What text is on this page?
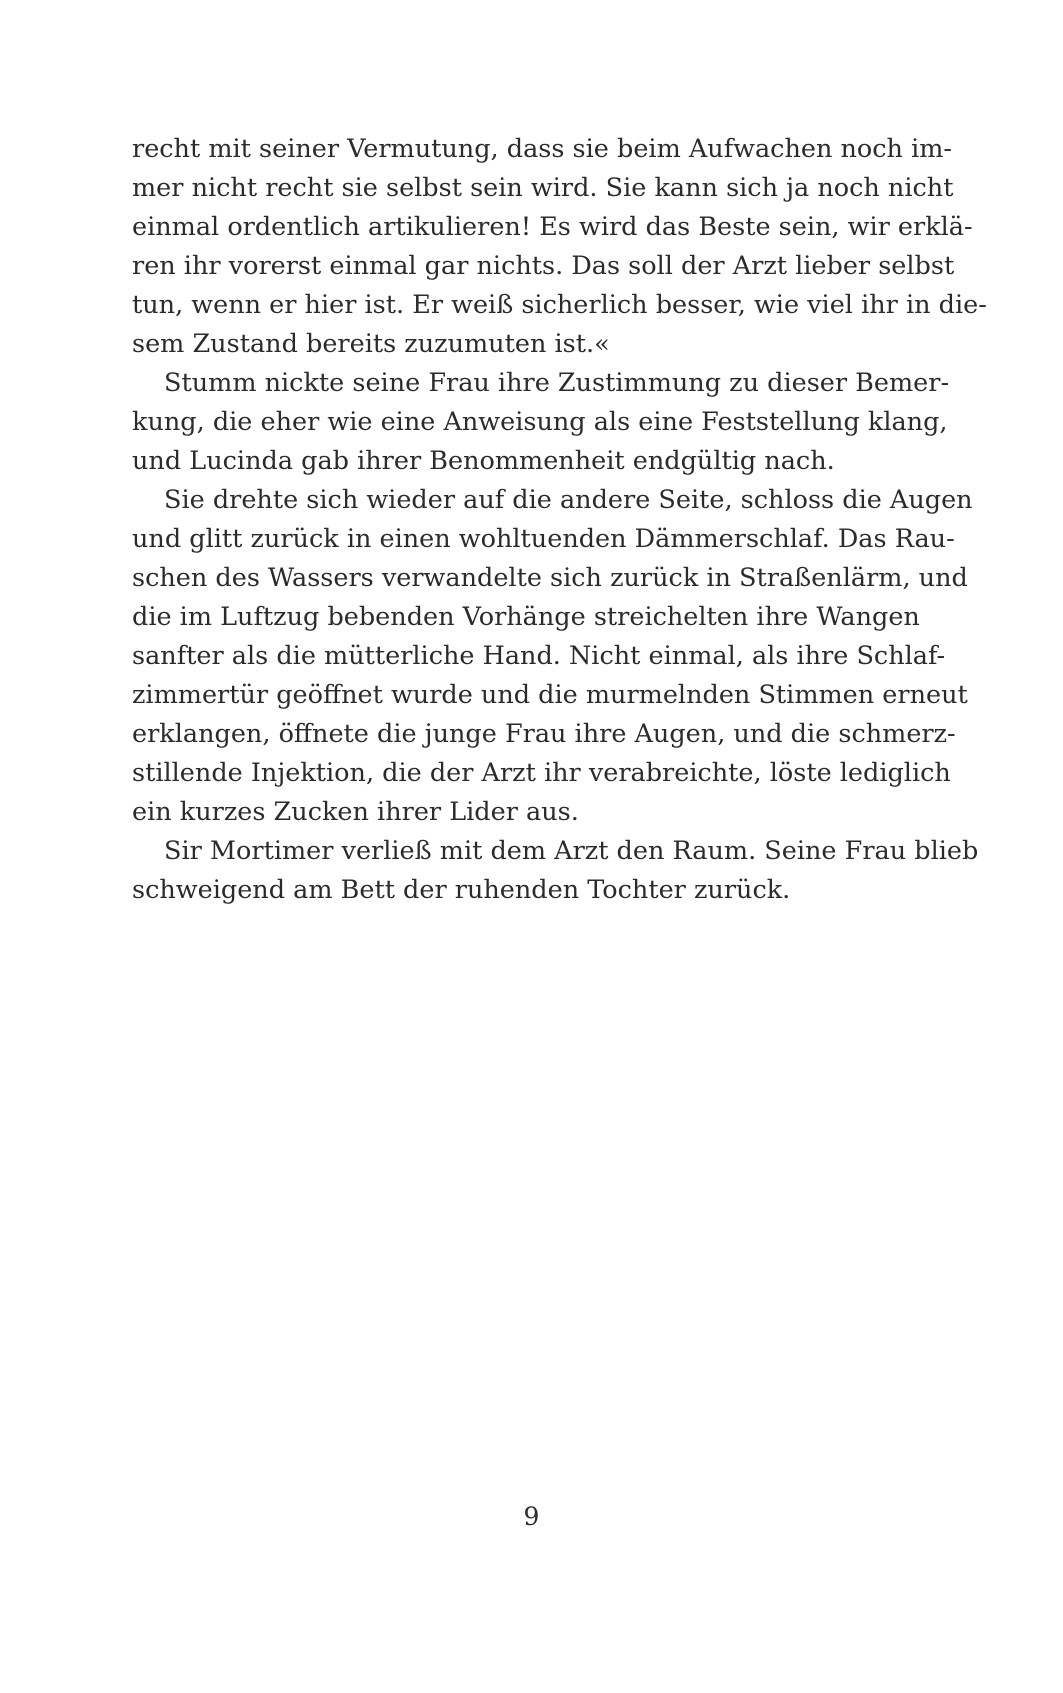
recht mit seiner Vermutung, dass sie beim Aufwachen noch im-
mer nicht recht sie selbst sein wird. Sie kann sich ja noch nicht
einmal ordentlich artikulieren! Es wird das Beste sein, wir erklä-
ren ihr vorerst einmal gar nichts. Das soll der Arzt lieber selbst
tun, wenn er hier ist. Er weiß sicherlich besser, wie viel ihr in die-
sem Zustand bereits zuzumuten ist.«
Stumm nickte seine Frau ihre Zustimmung zu dieser Bemer-
kung, die eher wie eine Anweisung als eine Feststellung klang,
und Lucinda gab ihrer Benommenheit endgültig nach.
Sie drehte sich wieder auf die andere Seite, schloss die Augen
und glitt zurück in einen wohltuenden Dämmerschlaf. Das Rau-
schen des Wassers verwandelte sich zurück in Straßenlärm, und
die im Luftzug bebenden Vorhänge streichelten ihre Wangen
sanfter als die mütterliche Hand. Nicht einmal, als ihre Schlaf-
zimmertür geöffnet wurde und die murmelnden Stimmen erneut
erklangen, öffnete die junge Frau ihre Augen, und die schmerz-
stillende Injektion, die der Arzt ihr verabreichte, löste lediglich
ein kurzes Zucken ihrer Lider aus.
Sir Mortimer verließ mit dem Arzt den Raum. Seine Frau blieb
schweigend am Bett der ruhenden Tochter zurück.
9
